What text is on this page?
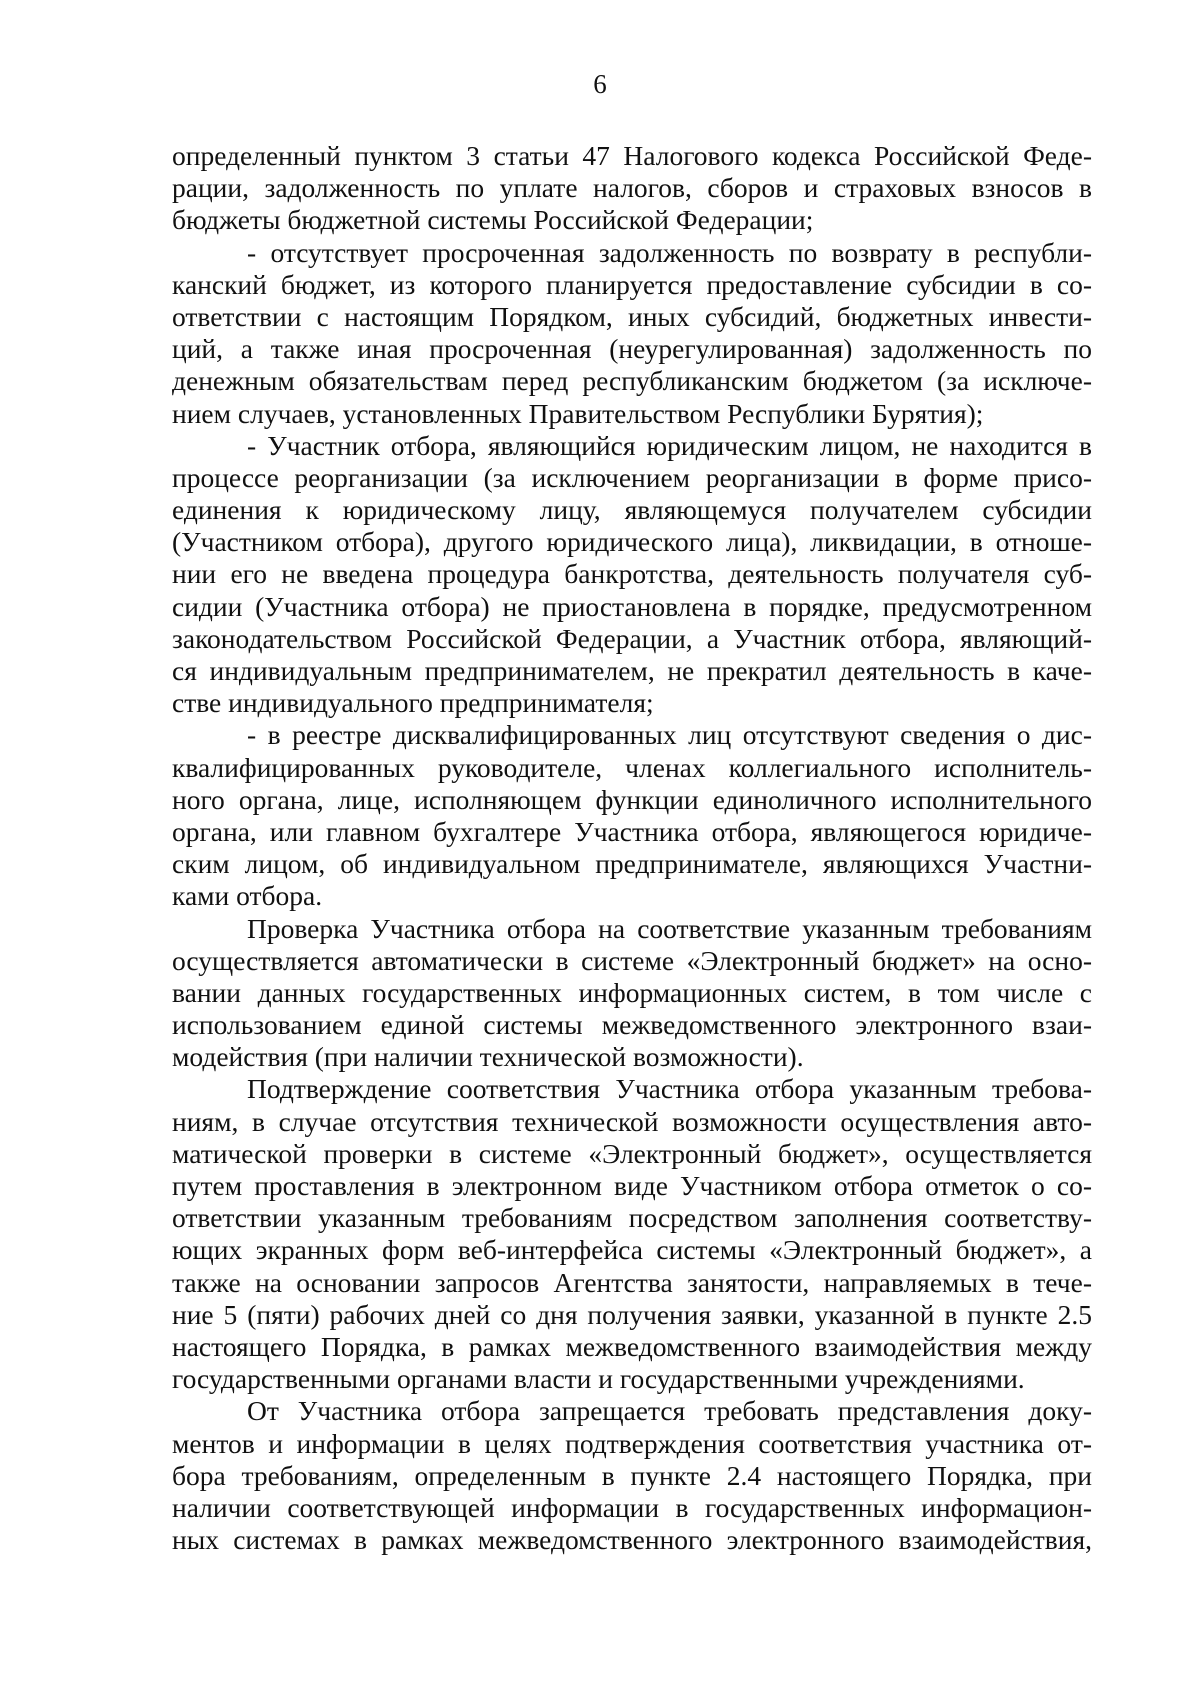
6
определенный пунктом 3 статьи 47 Налогового кодекса Российской Феде-
рации, задолженность по уплате налогов, сборов и страховых взносов в
бюджеты бюджетной системы Российской Федерации;
- отсутствует просроченная задолженность по возврату в республи-
канский бюджет, из которого планируется предоставление субсидии в со-
ответствии с настоящим Порядком, иных субсидий, бюджетных инвести-
ций, а также иная просроченная (неурегулированная) задолженность по
денежным обязательствам перед республиканским бюджетом (за исключе-
нием случаев, установленных Правительством Республики Бурятия);
- Участник отбора, являющийся юридическим лицом, не находится в
процессе реорганизации (за исключением реорганизации в форме присо-
единения к юридическому лицу, являющемуся получателем субсидии
(Участником отбора), другого юридического лица), ликвидации, в отноше-
нии его не введена процедура банкротства, деятельность получателя суб-
сидии (Участника отбора) не приостановлена в порядке, предусмотренном
законодательством Российской Федерации, а Участник отбора, являющий-
ся индивидуальным предпринимателем, не прекратил деятельность в каче-
стве индивидуального предпринимателя;
- в реестре дисквалифицированных лиц отсутствуют сведения о дис-
квалифицированных руководителе, членах коллегиального исполнитель-
ного органа, лице, исполняющем функции единоличного исполнительного
органа, или главном бухгалтере Участника отбора, являющегося юридиче-
ским лицом, об индивидуальном предпринимателе, являющихся Участни-
ками отбора.
Проверка Участника отбора на соответствие указанным требованиям
осуществляется автоматически в системе «Электронный бюджет» на осно-
вании данных государственных информационных систем, в том числе с
использованием единой системы межведомственного электронного взаи-
модействия (при наличии технической возможности).
Подтверждение соответствия Участника отбора указанным требова-
ниям, в случае отсутствия технической возможности осуществления авто-
матической проверки в системе «Электронный бюджет», осуществляется
путем проставления в электронном виде Участником отбора отметок о со-
ответствии указанным требованиям посредством заполнения соответству-
ющих экранных форм веб-интерфейса системы «Электронный бюджет», а
также на основании запросов Агентства занятости, направляемых в тече-
ние 5 (пяти) рабочих дней со дня получения заявки, указанной в пункте 2.5
настоящего Порядка, в рамках межведомственного взаимодействия между
государственными органами власти и государственными учреждениями.
От Участника отбора запрещается требовать представления доку-
ментов и информации в целях подтверждения соответствия участника от-
бора требованиям, определенным в пункте 2.4 настоящего Порядка, при
наличии соответствующей информации в государственных информацион-
ных системах в рамках межведомственного электронного взаимодействия,
